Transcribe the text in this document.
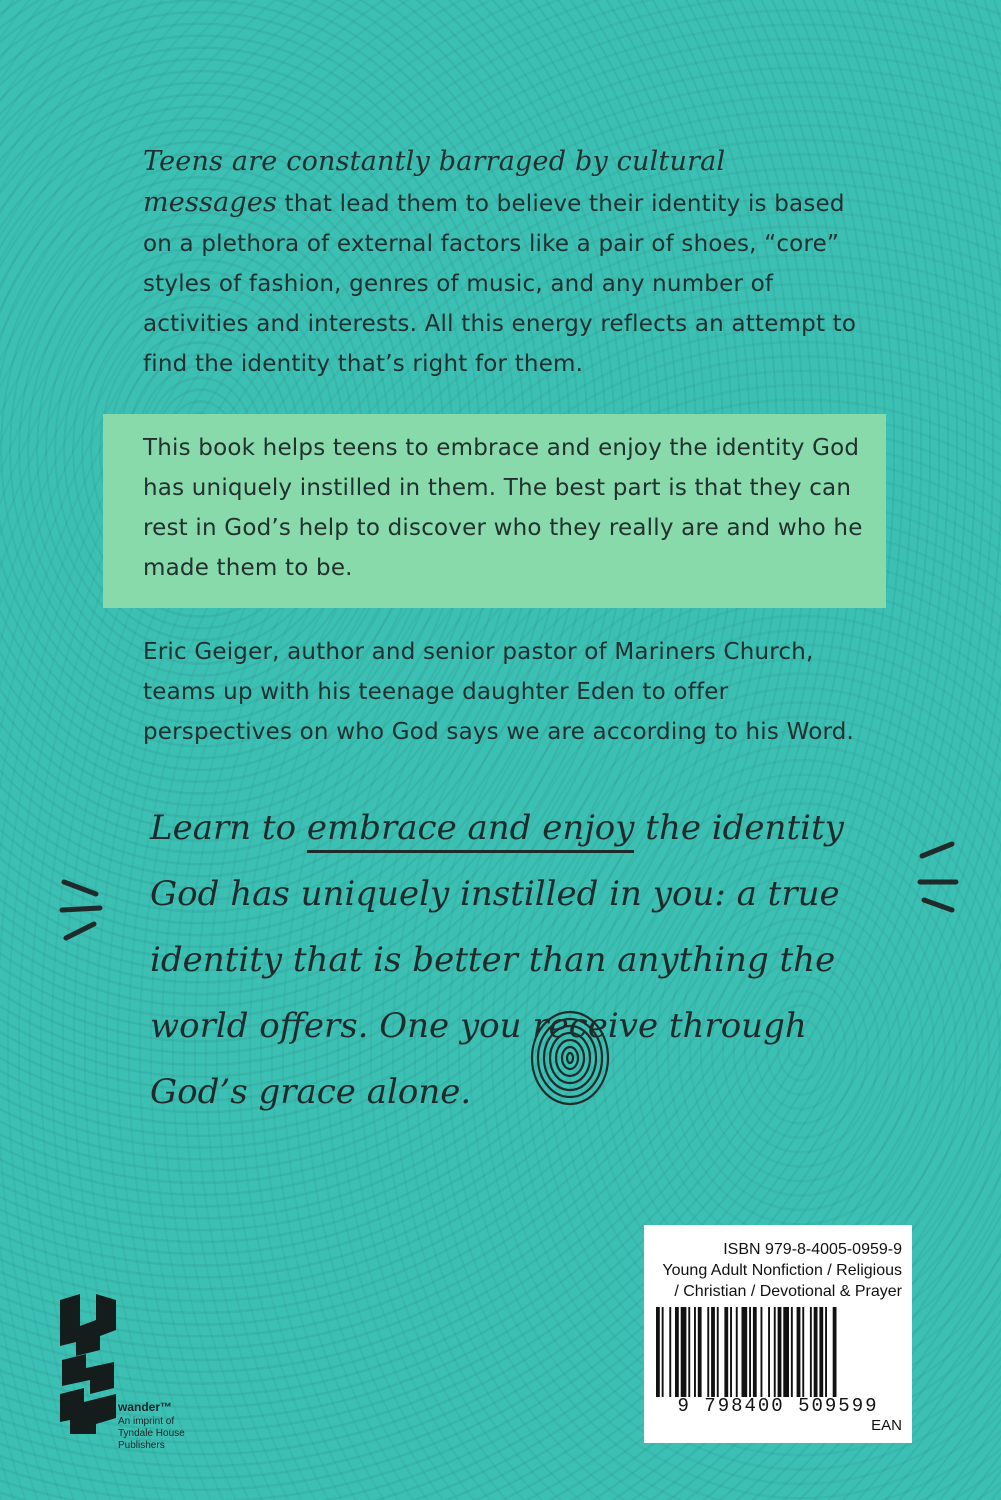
Teens are constantly barraged by cultural messages that lead them to believe their identity is based on a plethora of external factors like a pair of shoes, “core” styles of fashion, genres of music, and any number of activities and interests. All this energy reflects an attempt to find the identity that’s right for them.
This book helps teens to embrace and enjoy the identity God has uniquely instilled in them. The best part is that they can rest in God’s help to discover who they really are and who he made them to be.
Eric Geiger, author and senior pastor of Mariners Church, teams up with his teenage daughter Eden to offer perspectives on who God says we are according to his Word.
Learn to embrace and enjoy the identity God has uniquely instilled in you: a true identity that is better than anything the world offers. One you receive through God’s grace alone.
ISBN 979-8-4005-0959-9
Young Adult Nonfiction / Religious
/ Christian / Devotional & Prayer
9 798400 509599
EAN
wander™
An imprint of
Tyndale House
Publishers
